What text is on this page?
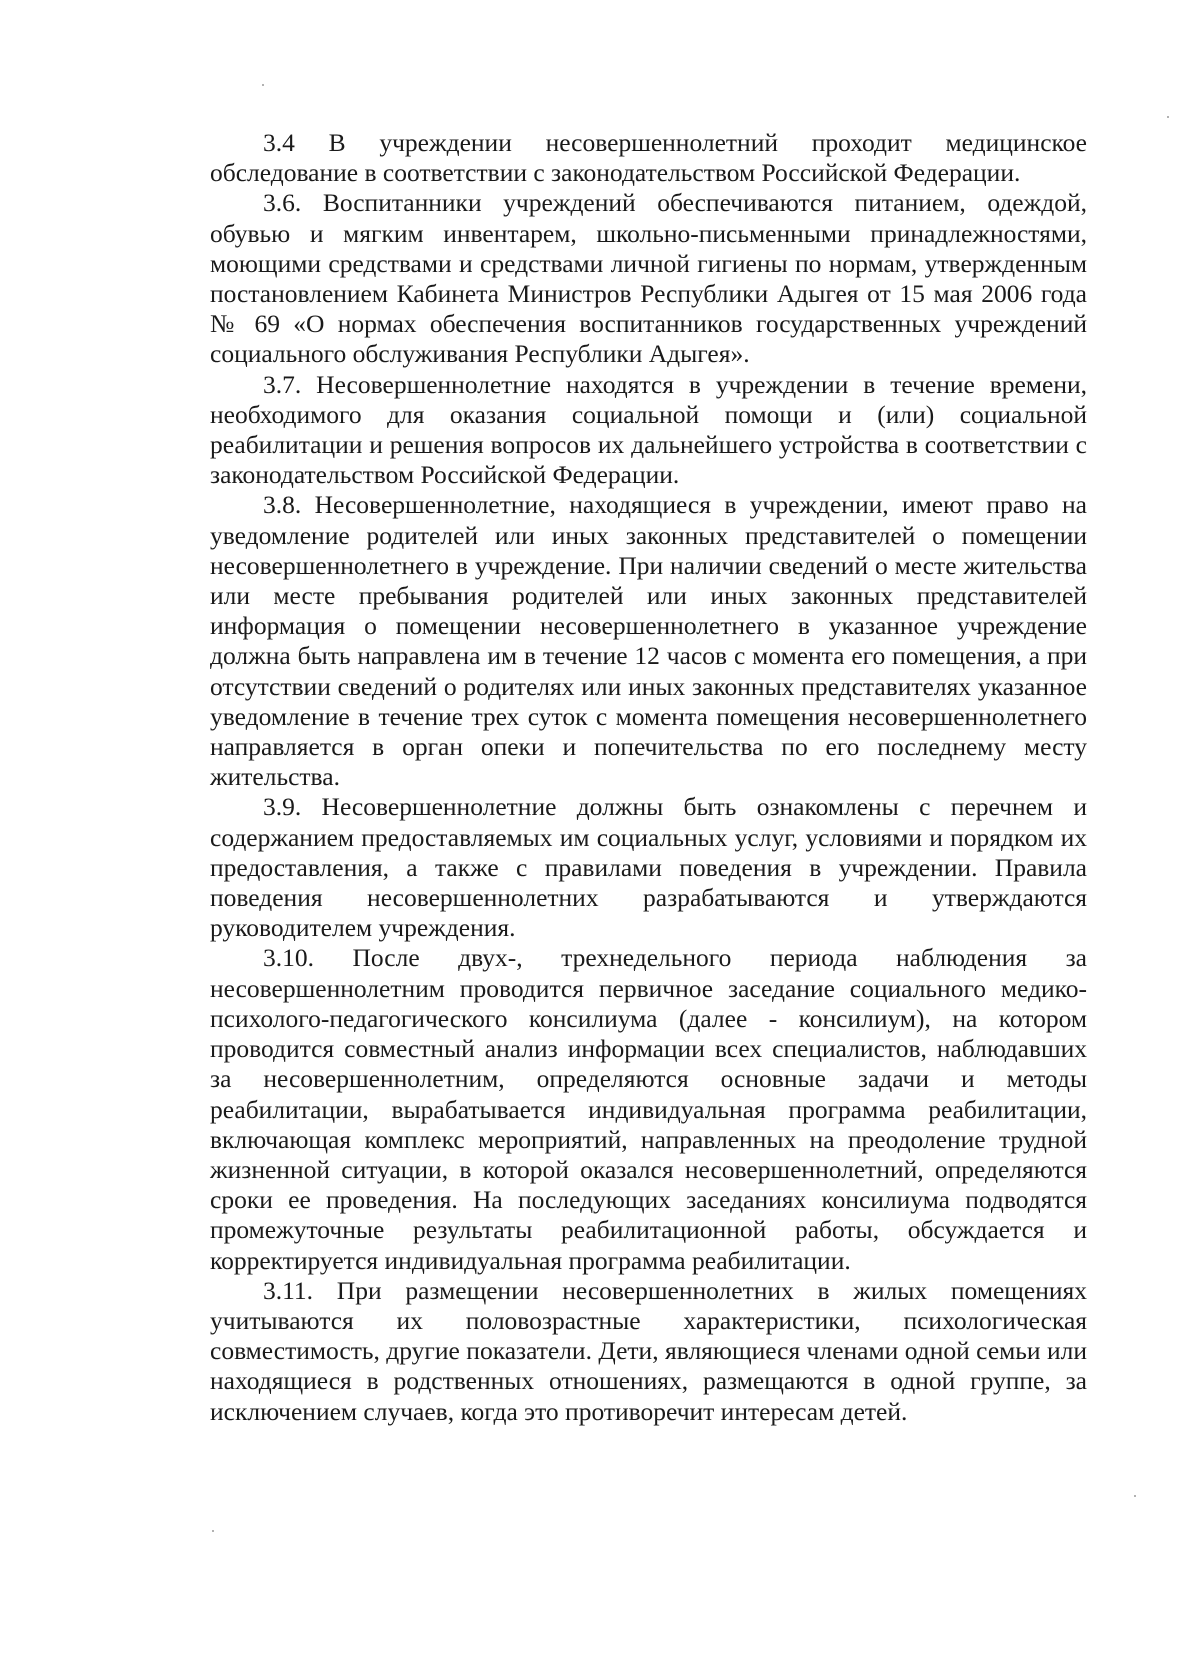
3.4 В учреждении несовершеннолетний проходит медицинское обследование в соответствии с законодательством Российской Федерации.

3.6. Воспитанники учреждений обеспечиваются питанием, одеждой, обувью и мягким инвентарем, школьно-письменными принадлежностями, моющими средствами и средствами личной гигиены по нормам, утвержденным постановлением Кабинета Министров Республики Адыгея от 15 мая 2006 года № 69 «О нормах обеспечения воспитанников государственных учреждений социального обслуживания Республики Адыгея».

3.7. Несовершеннолетние находятся в учреждении в течение времени, необходимого для оказания социальной помощи и (или) социальной реабилитации и решения вопросов их дальнейшего устройства в соответствии с законодательством Российской Федерации.

3.8. Несовершеннолетние, находящиеся в учреждении, имеют право на уведомление родителей или иных законных представителей о помещении несовершеннолетнего в учреждение. При наличии сведений о месте жительства или месте пребывания родителей или иных законных представителей информация о помещении несовершеннолетнего в указанное учреждение должна быть направлена им в течение 12 часов с момента его помещения, а при отсутствии сведений о родителях или иных законных представителях указанное уведомление в течение трех суток с момента помещения несовершеннолетнего направляется в орган опеки и попечительства по его последнему месту жительства.

3.9. Несовершеннолетние должны быть ознакомлены с перечнем и содержанием предоставляемых им социальных услуг, условиями и порядком их предоставления, а также с правилами поведения в учреждении. Правила поведения несовершеннолетних разрабатываются и утверждаются руководителем учреждения.

3.10. После двух-, трехнедельного периода наблюдения за несовершеннолетним проводится первичное заседание социального медико-психолого-педагогического консилиума (далее - консилиум), на котором проводится совместный анализ информации всех специалистов, наблюдавших за несовершеннолетним, определяются основные задачи и методы реабилитации, вырабатывается индивидуальная программа реабилитации, включающая комплекс мероприятий, направленных на преодоление трудной жизненной ситуации, в которой оказался несовершеннолетний, определяются сроки ее проведения. На последующих заседаниях консилиума подводятся промежуточные результаты реабилитационной работы, обсуждается и корректируется индивидуальная программа реабилитации.

3.11. При размещении несовершеннолетних в жилых помещениях учитываются их половозрастные характеристики, психологическая совместимость, другие показатели. Дети, являющиеся членами одной семьи или находящиеся в родственных отношениях, размещаются в одной группе, за исключением случаев, когда это противоречит интересам детей.
